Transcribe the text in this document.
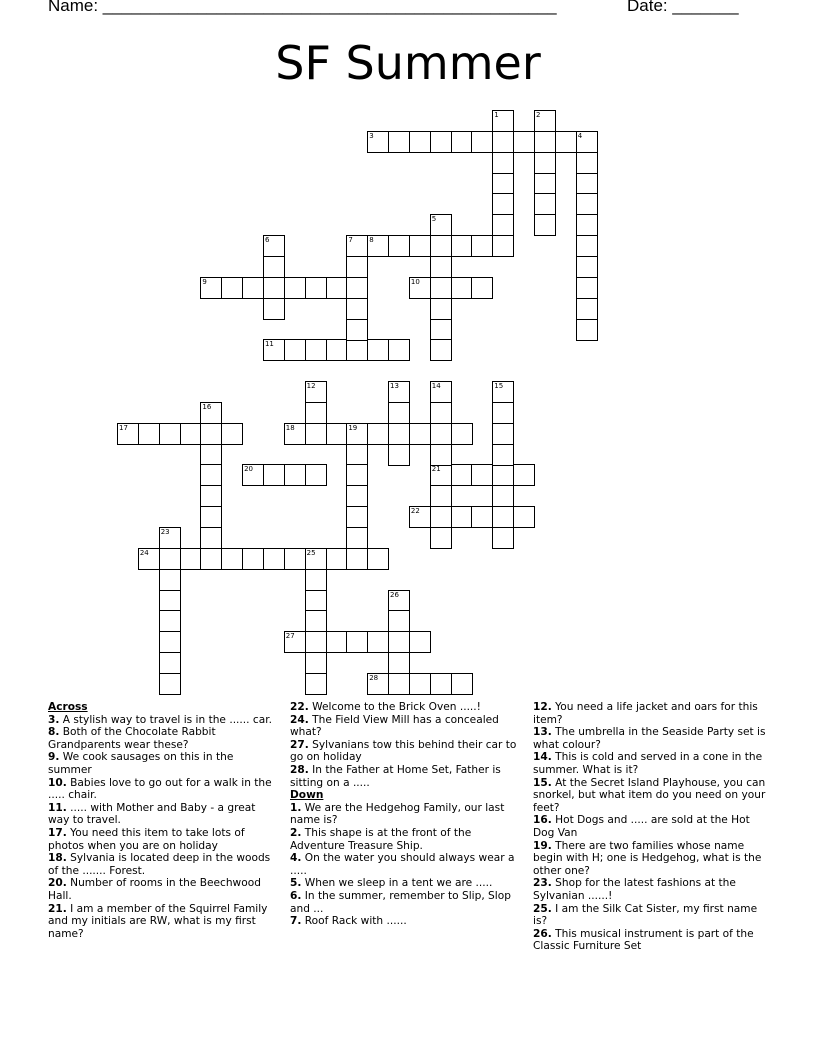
Name: ________________________________________________	Date: _______
SF Summer
3	4
8
9	10
11
17	18	19
20	21
22
24	25
27
28
1	2
5
6	7
12	13	14	15
16
23
26

Across

3. A stylish way to travel is in the ...... car.

8. Both of the Chocolate Rabbit Grandparents wear these?

9. We cook sausages on this in the summer

10. Babies love to go out for a walk in the ..... chair.

11. ..... with Mother and Baby - a great way to travel.

17. You need this item to take lots of photos when you are on holiday

18. Sylvania is located deep in the woods of the ....... Forest.

20. Number of rooms in the Beechwood Hall.

21. I am a member of the Squirrel Family and my initials are RW, what is my first name?

22. Welcome to the Brick Oven .....!

24. The Field View Mill has a concealed what?

27. Sylvanians tow this behind their car to go on holiday

28. In the Father at Home Set, Father is sitting on a .....

Down

1. We are the Hedgehog Family, our last name is?

2. This shape is at the front of the Adventure Treasure Ship.

4. On the water you should always wear a .....

5. When we sleep in a tent we are .....

6. In the summer, remember to Slip, Slop and ...

7. Roof Rack with ......

12. You need a life jacket and oars for this item?

13. The umbrella in the Seaside Party set is what colour?

14. This is cold and served in a cone in the summer. What is it?

15. At the Secret Island Playhouse, you can snorkel, but what item do you need on your feet?

16. Hot Dogs and ..... are sold at the Hot Dog Van

19. There are two families whose name begin with H; one is Hedgehog, what is the other one?

23. Shop for the latest fashions at the Sylvanian ......!

25. I am the Silk Cat Sister, my first name is?

26. This musical instrument is part of the Classic Furniture Set
